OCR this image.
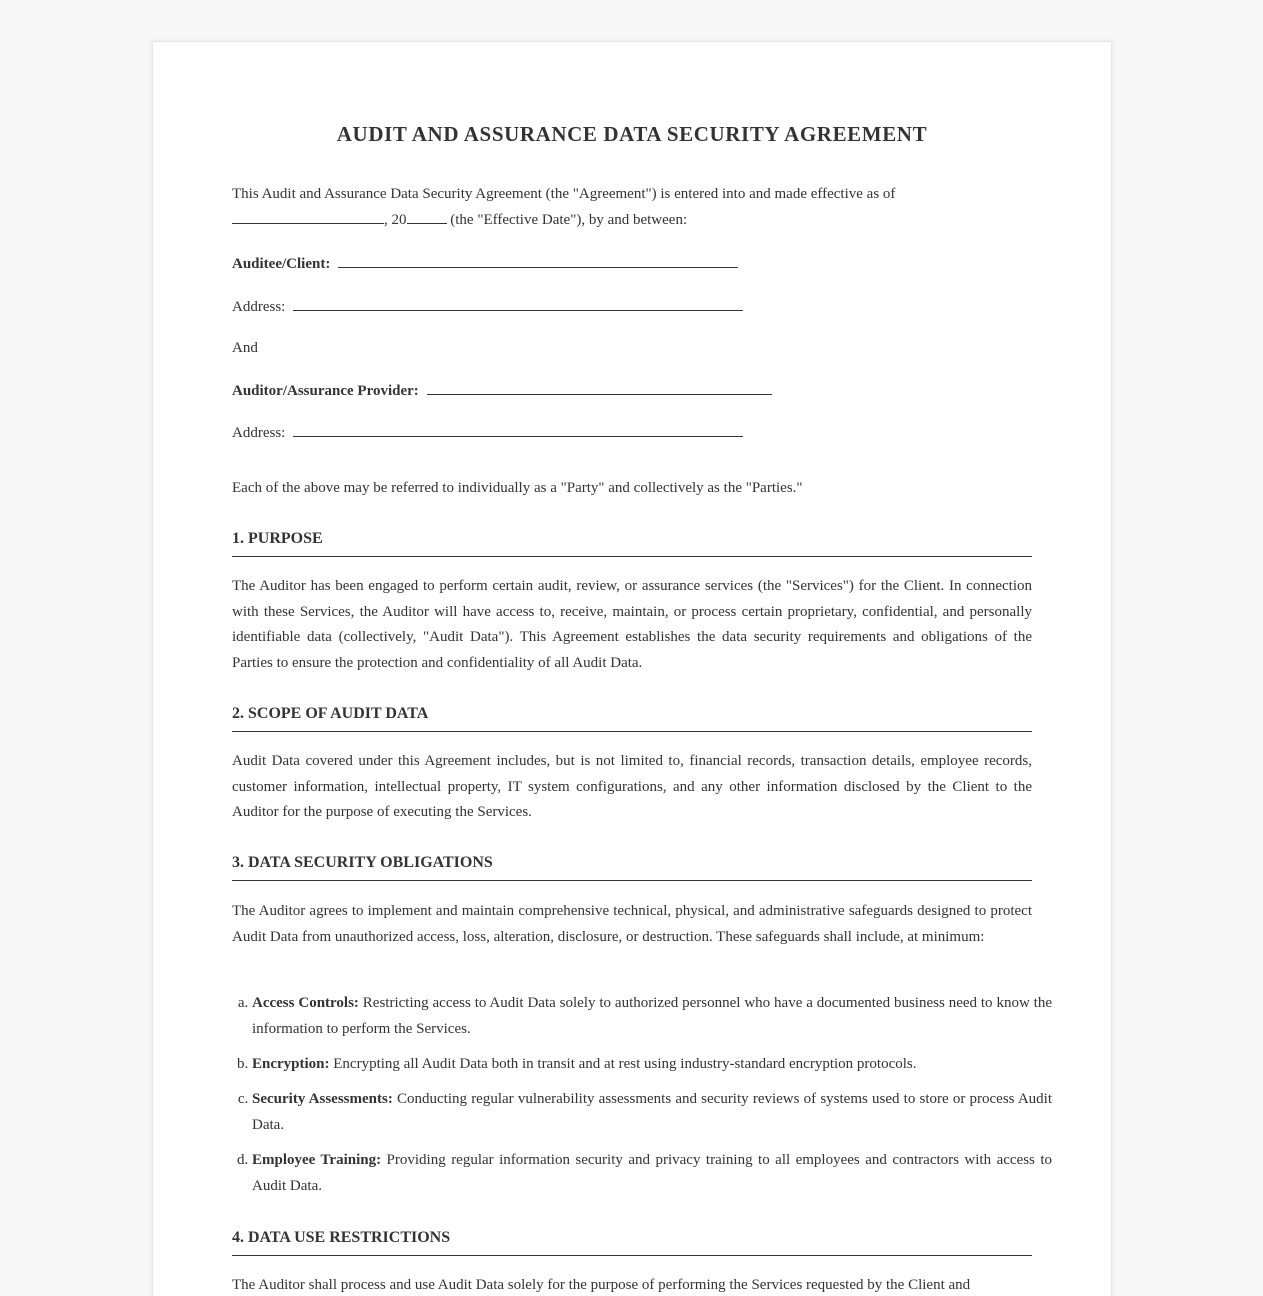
AUDIT AND ASSURANCE DATA SECURITY AGREEMENT

This Audit and Assurance Data Security Agreement (the "Agreement") is entered into and made effective as of
, 20	(the "Effective Date"), by and between:

Auditee/Client:
Address:
And
Auditor/Assurance Provider:
Address:

Each of the above may be referred to individually as a "Party" and collectively as the "Parties."

1. PURPOSE

The Auditor has been engaged to perform certain audit, review, or assurance services (the "Services") for the Client. In connection with these Services, the Auditor will have access to, receive, maintain, or process certain proprietary, confidential, and personally identifiable data (collectively, "Audit Data"). This Agreement establishes the data security requirements and obligations of the Parties to ensure the protection and confidentiality of all Audit Data.

2. SCOPE OF AUDIT DATA

Audit Data covered under this Agreement includes, but is not limited to, financial records, transaction details, employee records, customer information, intellectual property, IT system configurations, and any other information disclosed by the Client to the Auditor for the purpose of executing the Services.

3. DATA SECURITY OBLIGATIONS

The Auditor agrees to implement and maintain comprehensive technical, physical, and administrative safeguards designed to protect Audit Data from unauthorized access, loss, alteration, disclosure, or destruction. These safeguards shall include, at minimum:

a. Access Controls: Restricting access to Audit Data solely to authorized personnel who have a documented business need to know the information to perform the Services.
b. Encryption: Encrypting all Audit Data both in transit and at rest using industry-standard encryption protocols.
c. Security Assessments: Conducting regular vulnerability assessments and security reviews of systems used to store or process Audit Data.
d. Employee Training: Providing regular information security and privacy training to all employees and contractors with access to Audit Data.
4. DATA USE RESTRICTIONS

The Auditor shall process and use Audit Data solely for the purpose of performing the Services requested by the Client and
